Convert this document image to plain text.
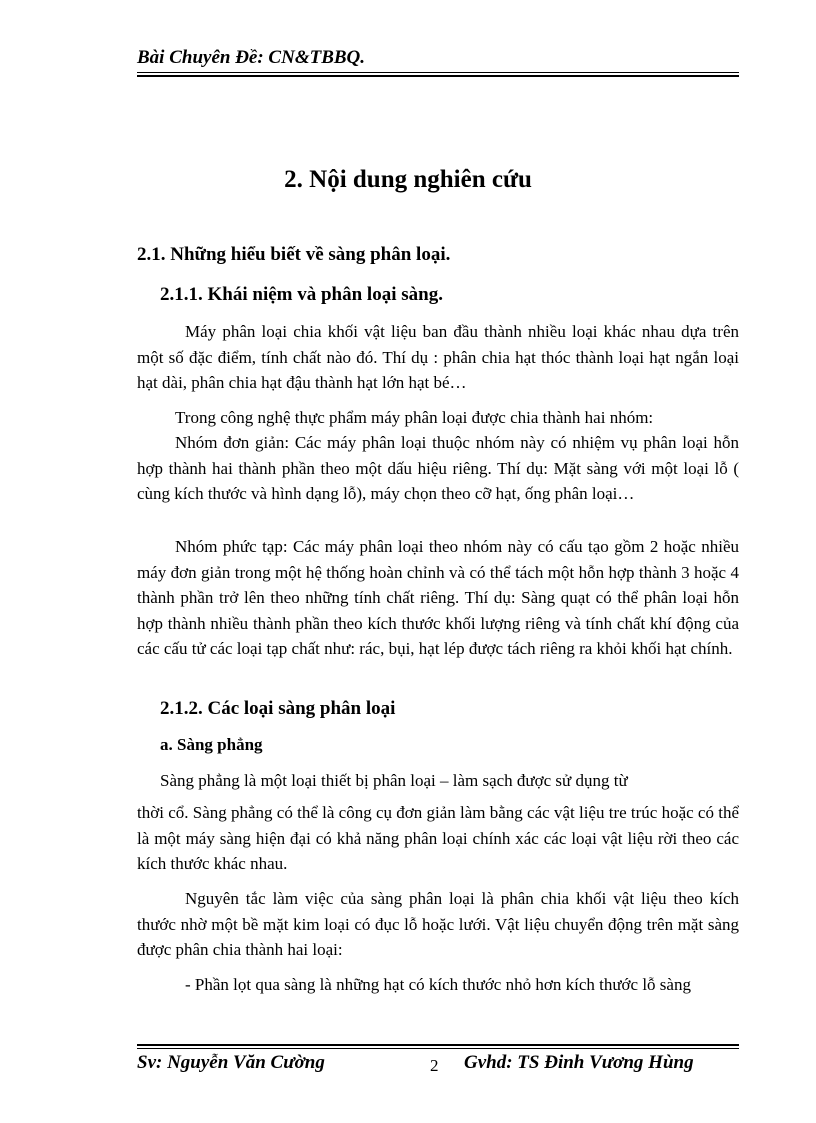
Bài Chuyên Đề: CN&TBBQ.
2. Nội dung nghiên cứu
2.1. Những hiểu biết về sàng phân loại.
2.1.1. Khái niệm và phân loại sàng.
Máy phân loại chia khối vật liệu ban đầu thành nhiều loại khác nhau dựa trên một số đặc điểm, tính chất nào đó. Thí dụ : phân chia hạt thóc thành loại hạt ngắn loại hạt dài, phân chia hạt đậu thành hạt lớn hạt bé…
Trong công nghệ thực phẩm máy phân loại được chia thành hai nhóm:
Nhóm đơn giản: Các máy phân loại thuộc nhóm này có nhiệm vụ phân loại hỗn hợp thành hai thành phần theo một dấu hiệu riêng. Thí dụ: Mặt sàng với một loại lỗ ( cùng kích thước và hình dạng lỗ), máy chọn theo cỡ hạt, ống phân loại…
Nhóm phức tạp: Các máy phân loại theo nhóm này có cấu tạo gồm 2 hoặc nhiều máy đơn giản trong một hệ thống hoàn chỉnh và có thể tách một hỗn hợp thành 3 hoặc 4 thành phần trở lên theo những tính chất riêng. Thí dụ: Sàng quạt có thể phân loại hỗn hợp thành nhiều thành phần theo kích thước khối lượng riêng và tính chất khí động của các cấu tử các loại tạp chất như: rác, bụi, hạt lép được tách riêng ra khỏi khối hạt chính.
2.1.2. Các loại sàng phân loại
a. Sàng phẳng
Sàng phẳng là một loại thiết bị phân loại – làm sạch được sử dụng từ
thời cổ. Sàng phẳng có thể là công cụ đơn giản làm bằng các vật liệu tre trúc hoặc có thể là một máy sàng hiện đại có khả năng phân loại chính xác các loại vật liệu rời theo các kích thước khác nhau.
Nguyên tắc làm việc của sàng phân loại là phân chia khối vật liệu theo kích thước nhờ một bề mặt kim loại có đục lỗ hoặc lưới. Vật liệu chuyển động trên mặt sàng được phân chia thành hai loại:
- Phần lọt qua sàng là những hạt có kích thước nhỏ hơn kích thước lỗ sàng
Sv: Nguyễn Văn Cường	2 Gvhd: TS Đinh Vương Hùng
